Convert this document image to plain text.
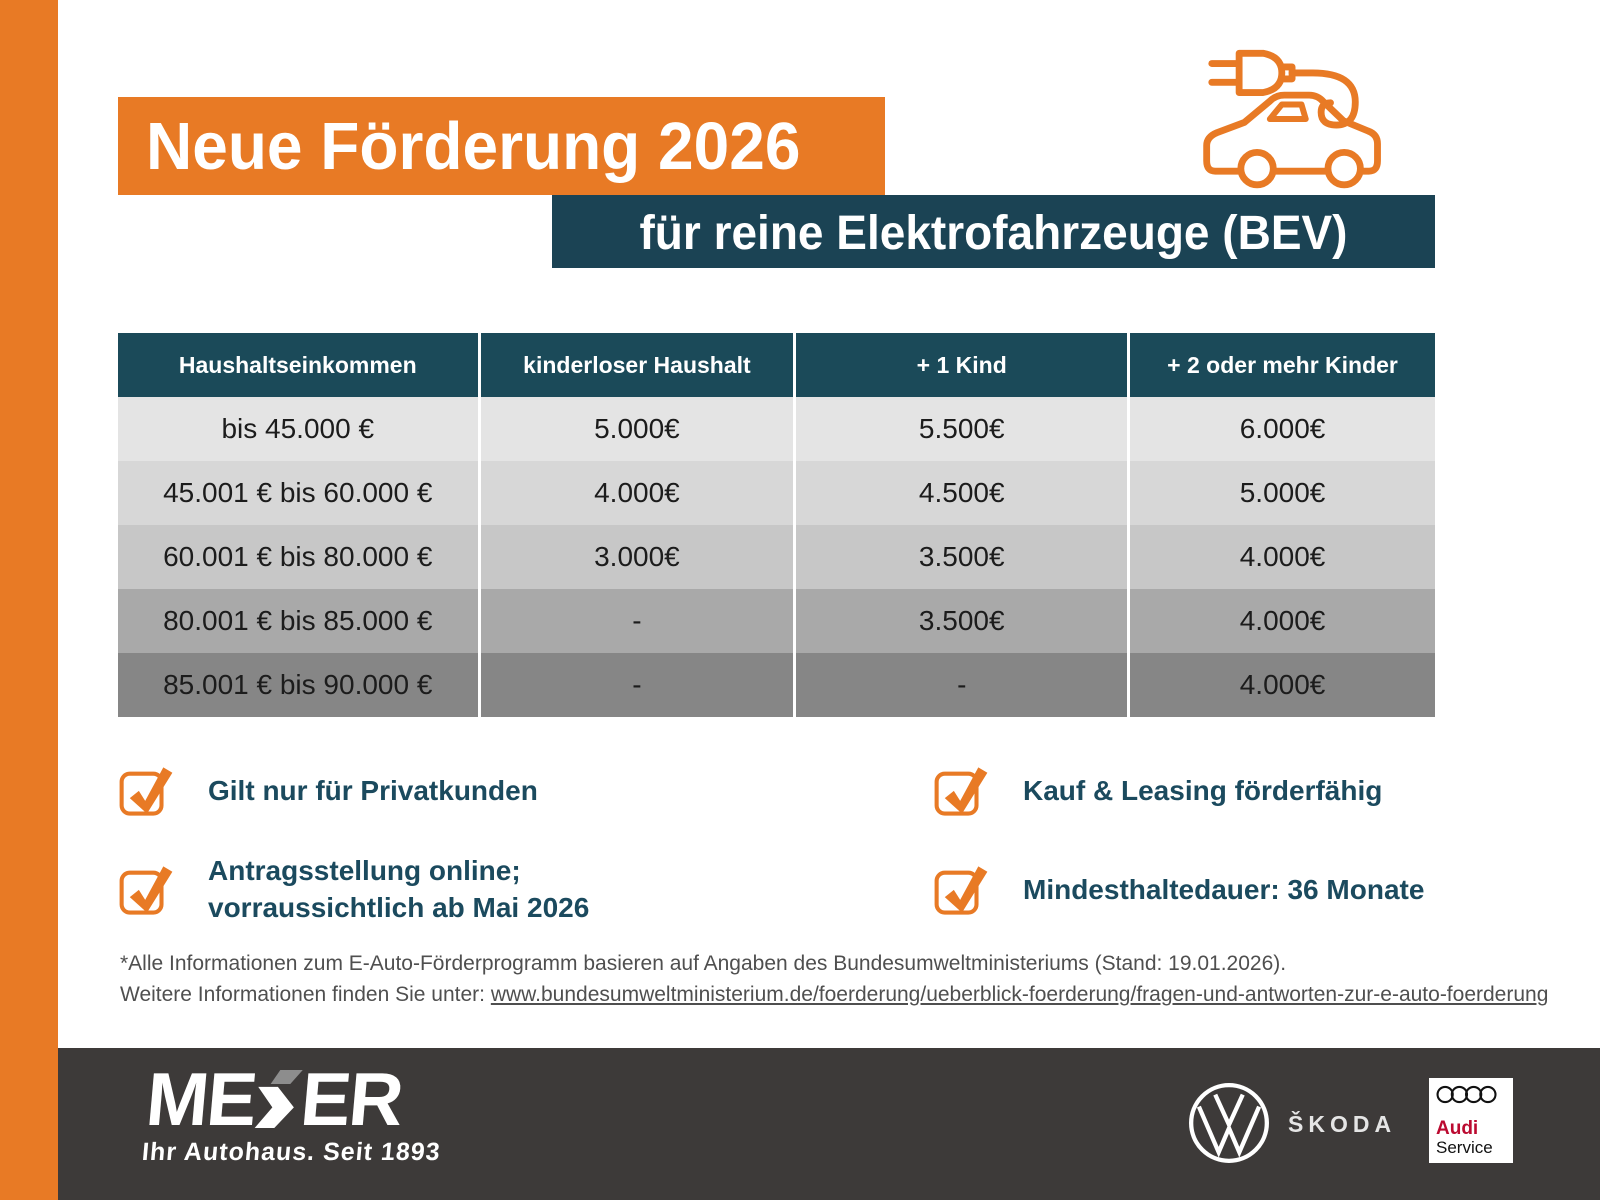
Neue Förderung 2026
für reine Elektrofahrzeuge (BEV)
Haushaltseinkommen	kinderloser Haushalt	+ 1 Kind	+ 2 oder mehr Kinder
bis 45.000 €	5.000€	5.500€	6.000€
45.001 € bis 60.000 €	4.000€	4.500€	5.000€
60.001 € bis 80.000 €	3.000€	3.500€	4.000€
80.001 € bis 85.000 €	-	3.500€	4.000€
85.001 € bis 90.000 €	-	-	4.000€
Gilt nur für Privatkunden
Antragsstellung online;
vorraussichtlich ab Mai 2026
Kauf & Leasing förderfähig
Mindesthaltedauer: 36 Monate
*Alle Informationen zum E-Auto-Förderprogramm basieren auf Angaben des Bundesumweltministeriums (Stand: 19.01.2026).
Weitere Informationen finden Sie unter: www.bundesumweltministerium.de/foerderung/ueberblick-foerderung/fragen-und-antworten-zur-e-auto-foerderung
ME ER
Ihr Autohaus. Seit 1893
ŠKODA Audi
Service
